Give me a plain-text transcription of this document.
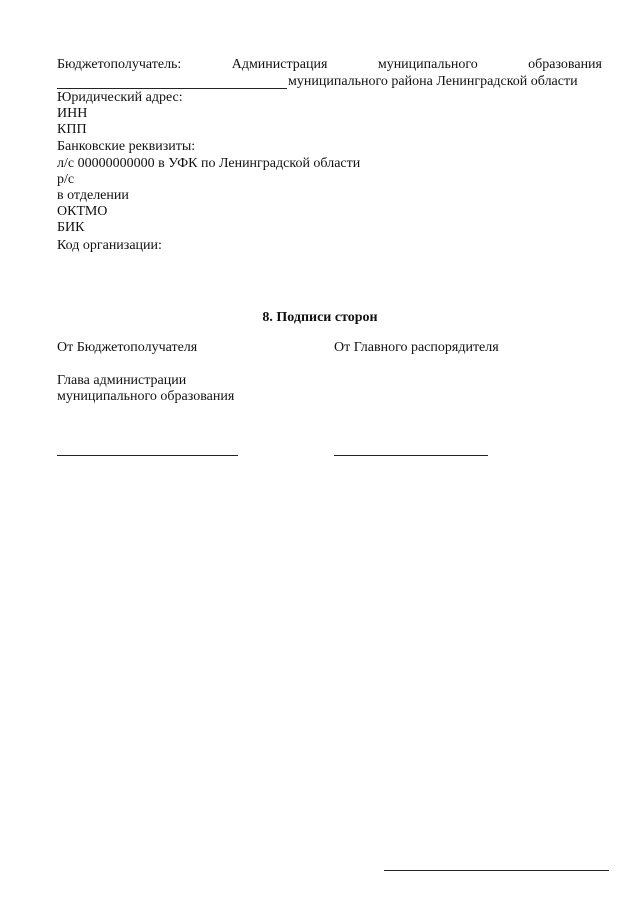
Бюджетополучатель:	Администрация	муниципального	образования
муниципального района Ленинградской области
Юридический адрес:
ИНН
КПП
Банковские реквизиты:
л/с 00000000000 в УФК по Ленинградской области
р/с
в отделении
ОКТМО
БИК
Код организации:
8. Подписи сторон
От Бюджетополучателя	От Главного распорядителя
Глава администрации
муниципального образования
